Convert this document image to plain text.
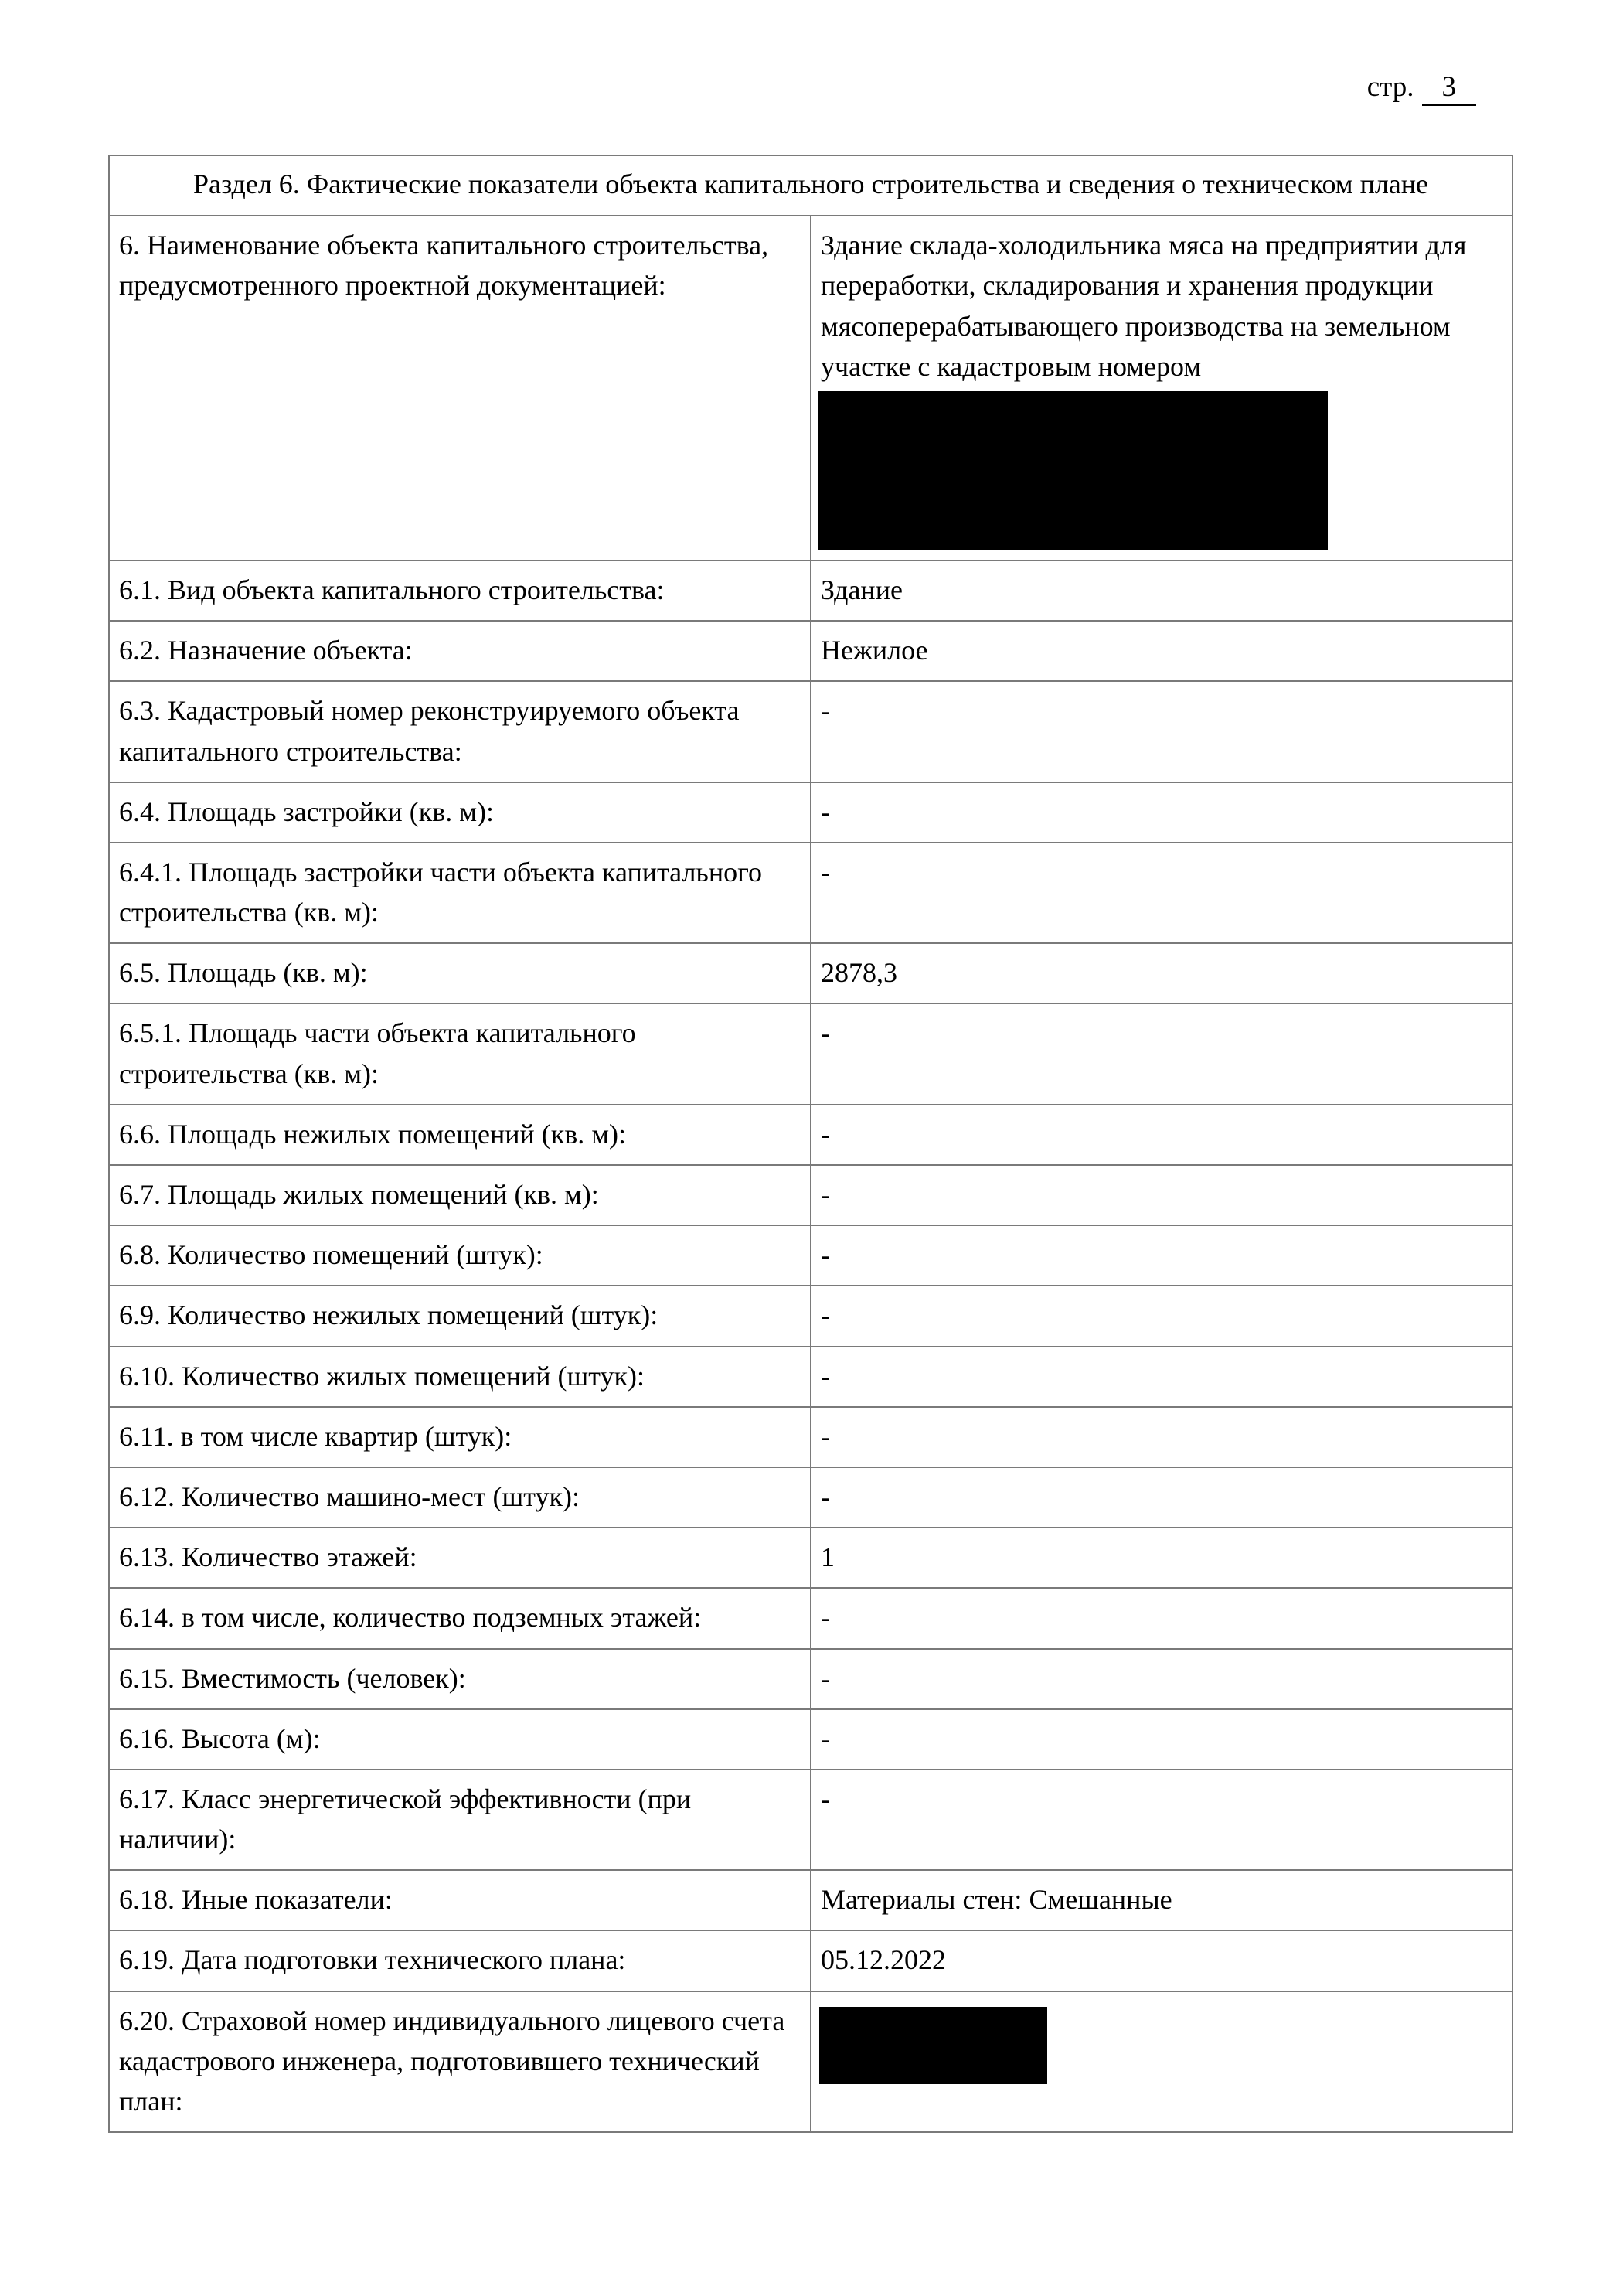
стр. 3
Раздел 6. Фактические показатели объекта капитального строительства и сведения о техническом плане	
6. Наименование объекта капитального строительства, предусмотренного проектной документацией:	Здание склада-холодильника мяса на предприятии для переработки, складирования и хранения продукции мясоперерабатывающего производства на земельном участке с кадастровым номером

6.1. Вид объекта капитального строительства:	Здание
6.2. Назначение объекта:	Нежилое
6.3. Кадастровый номер реконструируемого объекта капитального строительства:	-
6.4. Площадь застройки (кв. м):	-
6.4.1. Площадь застройки части объекта капитального строительства (кв. м):	-
6.5. Площадь (кв. м):	2878,3
6.5.1. Площадь части объекта капитального строительства (кв. м):	-
6.6. Площадь нежилых помещений (кв. м):	-
6.7. Площадь жилых помещений (кв. м):	-
6.8. Количество помещений (штук):	-
6.9. Количество нежилых помещений (штук):	-
6.10. Количество жилых помещений (штук):	-
6.11. в том числе квартир (штук):	-
6.12. Количество машино-мест (штук):	-
6.13. Количество этажей:	1
6.14. в том числе, количество подземных этажей:	-
6.15. Вместимость (человек):	-
6.16. Высота (м):	-
6.17. Класс энергетической эффективности (при наличии):	-
6.18. Иные показатели:	Материалы стен: Смешанные
6.19. Дата подготовки технического плана:	05.12.2022
6.20. Страховой номер индивидуального лицевого счета кадастрового инженера, подготовившего технический план:	
